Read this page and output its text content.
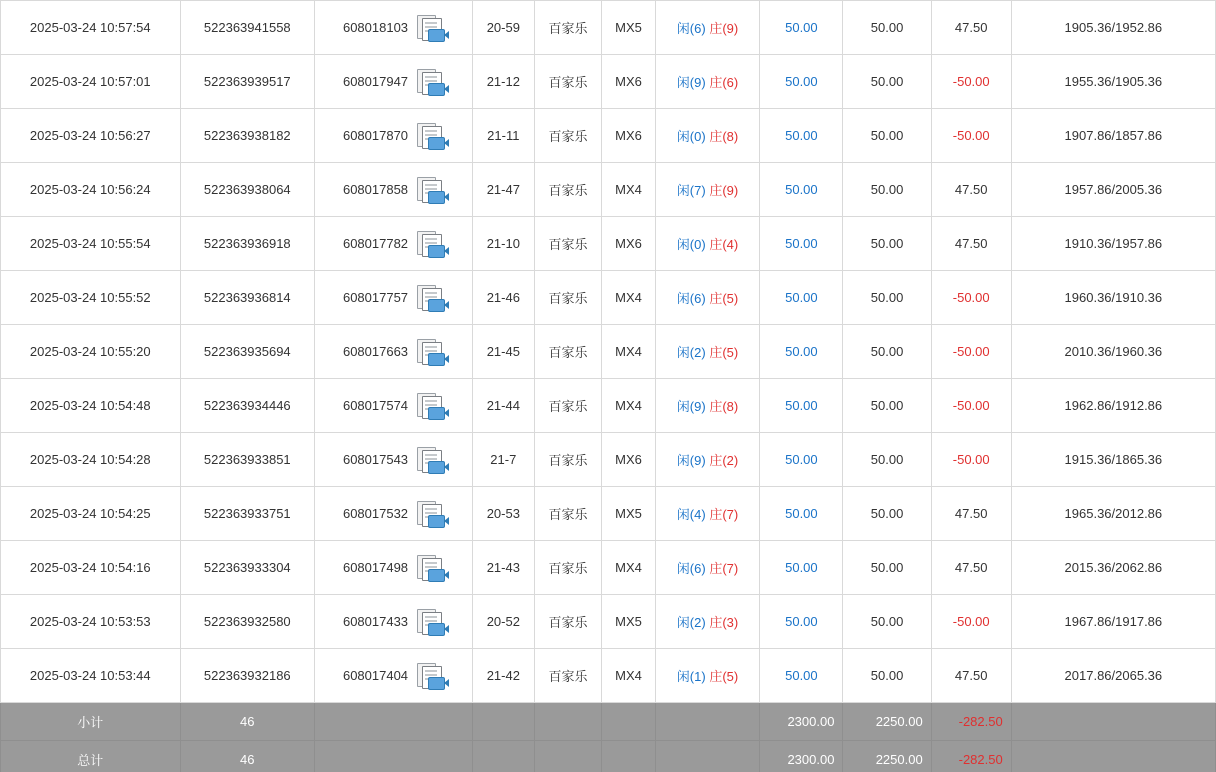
2025-03-24 10:57:54	522363941558	608018103	20-59	百家乐	MX5	闲(6) 庄(9)	50.00	50.00	47.50	1905.36/1952.86
2025-03-24 10:57:01	522363939517	608017947	21-12	百家乐	MX6	闲(9) 庄(6)	50.00	50.00	-50.00	1955.36/1905.36
2025-03-24 10:56:27	522363938182	608017870	21-11	百家乐	MX6	闲(0) 庄(8)	50.00	50.00	-50.00	1907.86/1857.86
2025-03-24 10:56:24	522363938064	608017858	21-47	百家乐	MX4	闲(7) 庄(9)	50.00	50.00	47.50	1957.86/2005.36
2025-03-24 10:55:54	522363936918	608017782	21-10	百家乐	MX6	闲(0) 庄(4)	50.00	50.00	47.50	1910.36/1957.86
2025-03-24 10:55:52	522363936814	608017757	21-46	百家乐	MX4	闲(6) 庄(5)	50.00	50.00	-50.00	1960.36/1910.36
2025-03-24 10:55:20	522363935694	608017663	21-45	百家乐	MX4	闲(2) 庄(5)	50.00	50.00	-50.00	2010.36/1960.36
2025-03-24 10:54:48	522363934446	608017574	21-44	百家乐	MX4	闲(9) 庄(8)	50.00	50.00	-50.00	1962.86/1912.86
2025-03-24 10:54:28	522363933851	608017543	21-7	百家乐	MX6	闲(9) 庄(2)	50.00	50.00	-50.00	1915.36/1865.36
2025-03-24 10:54:25	522363933751	608017532	20-53	百家乐	MX5	闲(4) 庄(7)	50.00	50.00	47.50	1965.36/2012.86
2025-03-24 10:54:16	522363933304	608017498	21-43	百家乐	MX4	闲(6) 庄(7)	50.00	50.00	47.50	2015.36/2062.86
2025-03-24 10:53:53	522363932580	608017433	20-52	百家乐	MX5	闲(2) 庄(3)	50.00	50.00	-50.00	1967.86/1917.86
2025-03-24 10:53:44	522363932186	608017404	21-42	百家乐	MX4	闲(1) 庄(5)	50.00	50.00	47.50	2017.86/2065.36
小计	46						2300.00	2250.00	-282.50	
总计	46						2300.00	2250.00	-282.50	
